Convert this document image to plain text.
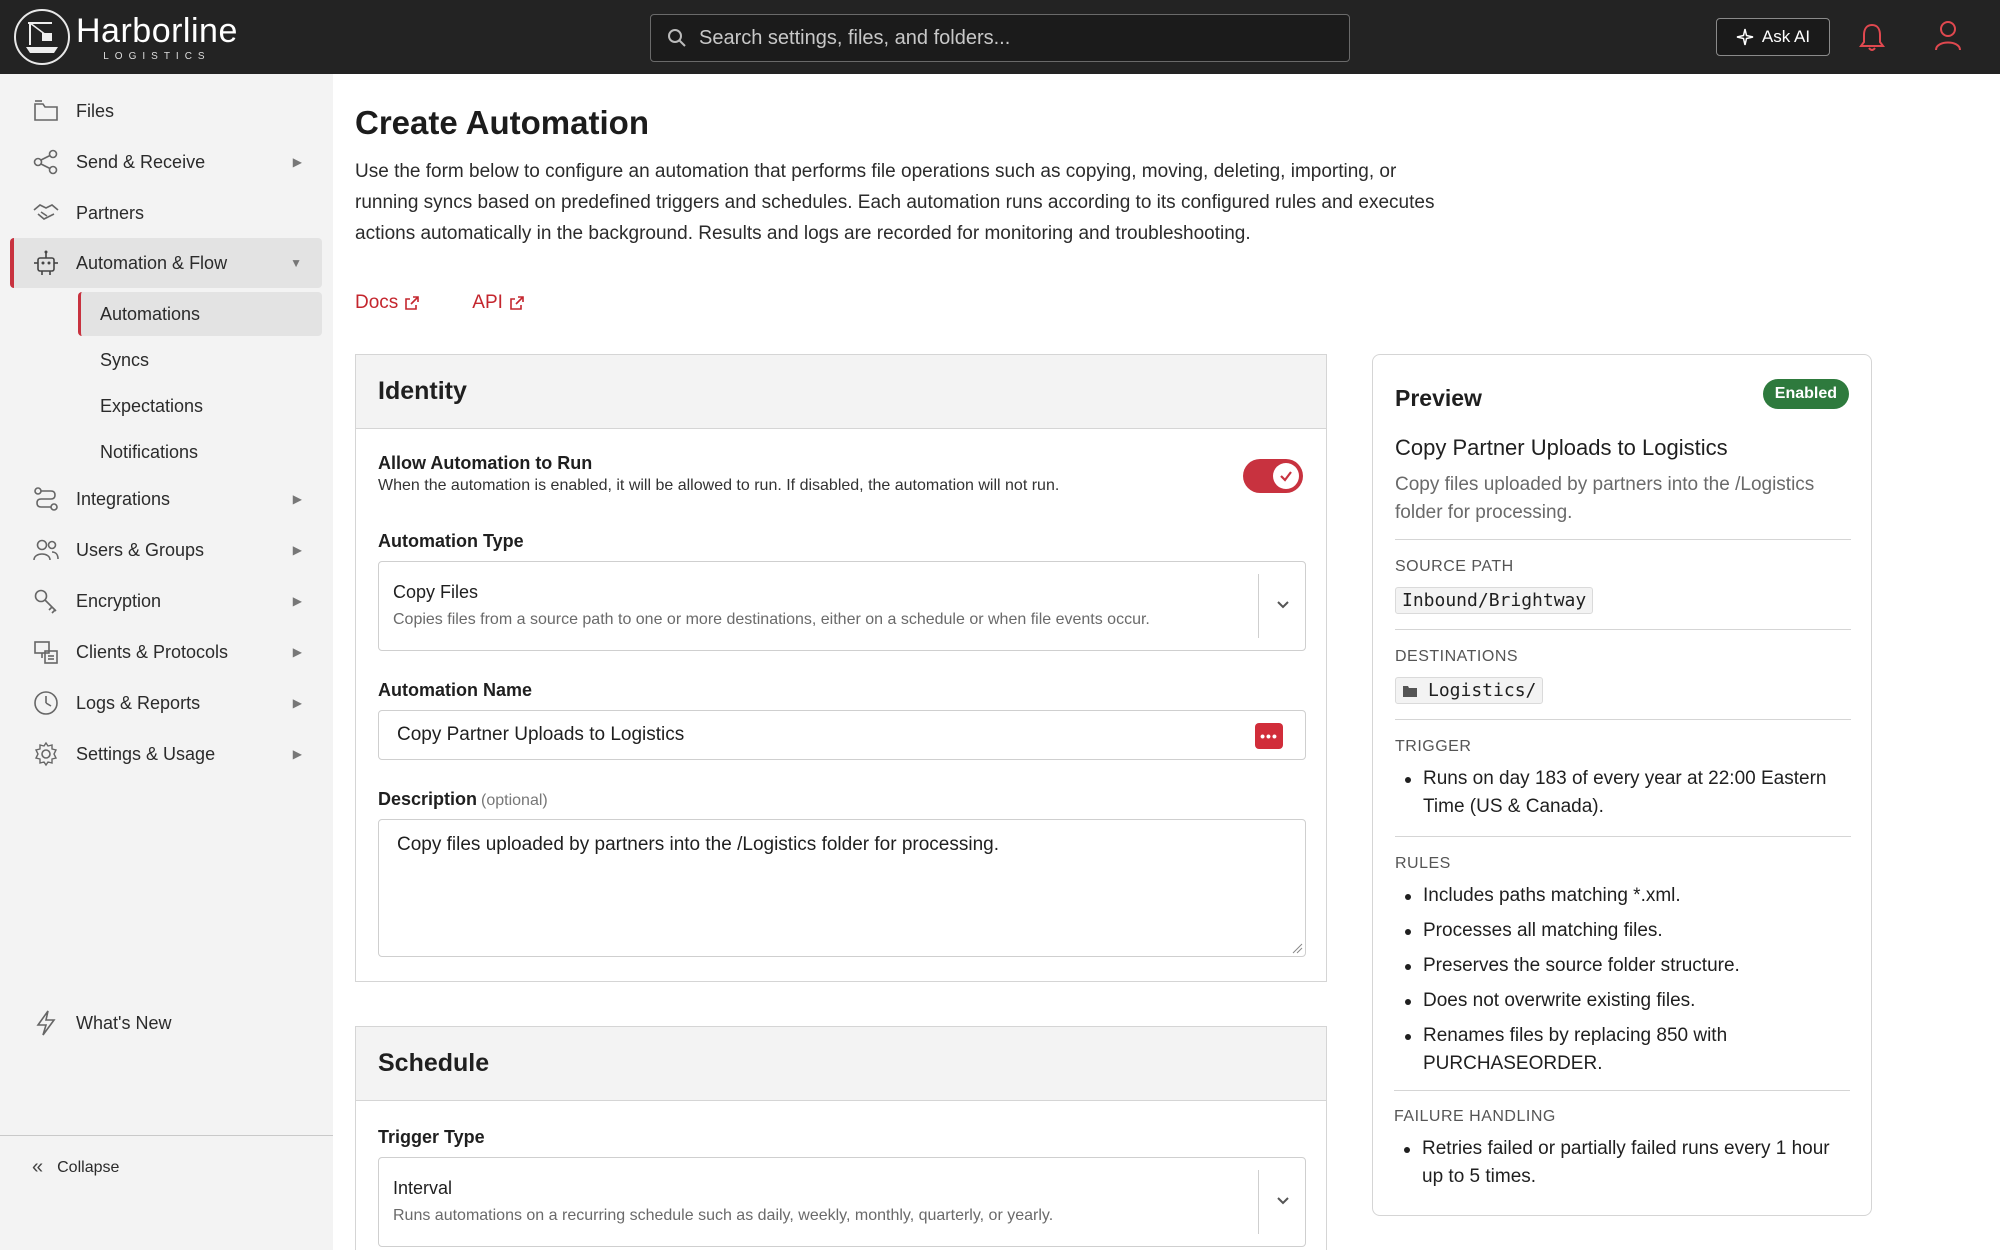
Harborline
LOGISTICS
Search settings, files, and folders...
Ask AI
Files
Send & Receive	▶
Partners
Automation & Flow	▼
Automations
Syncs
Expectations
Notifications
Integrations	▶
Users & Groups	▶
Encryption	▶
Clients & Protocols	▶
Logs & Reports	▶
Settings & Usage	▶
What's New
« Collapse
Create Automation
Use the form below to configure an automation that performs file operations such as copying, moving, deleting, importing, or running syncs based on predefined triggers and schedules. Each automation runs according to its configured rules and executes actions automatically in the background. Results and logs are recorded for monitoring and troubleshooting.
Docs	API
Identity
Allow Automation to Run
When the automation is enabled, it will be allowed to run. If disabled, the automation will not run.
Automation Type
Copy Files
Copies files from a source path to one or more destinations, either on a schedule or when file events occur.
Automation Name
Copy Partner Uploads to Logistics	•••
Description (optional)
Copy files uploaded by partners into the /Logistics folder for processing.
Schedule
Trigger Type
Interval
Runs automations on a recurring schedule such as daily, weekly, monthly, quarterly, or yearly.
Preview	Enabled
Copy Partner Uploads to Logistics
Copy files uploaded by partners into the /Logistics folder for processing.
SOURCE PATH
Inbound/Brightway
DESTINATIONS
Logistics/
TRIGGER
Runs on day 183 of every year at 22:00 Eastern Time (US & Canada).
RULES
Includes paths matching *.xml.
Processes all matching files.
Preserves the source folder structure.
Does not overwrite existing files.
Renames files by replacing 850 with PURCHASEORDER.
FAILURE HANDLING
Retries failed or partially failed runs every 1 hour up to 5 times.
